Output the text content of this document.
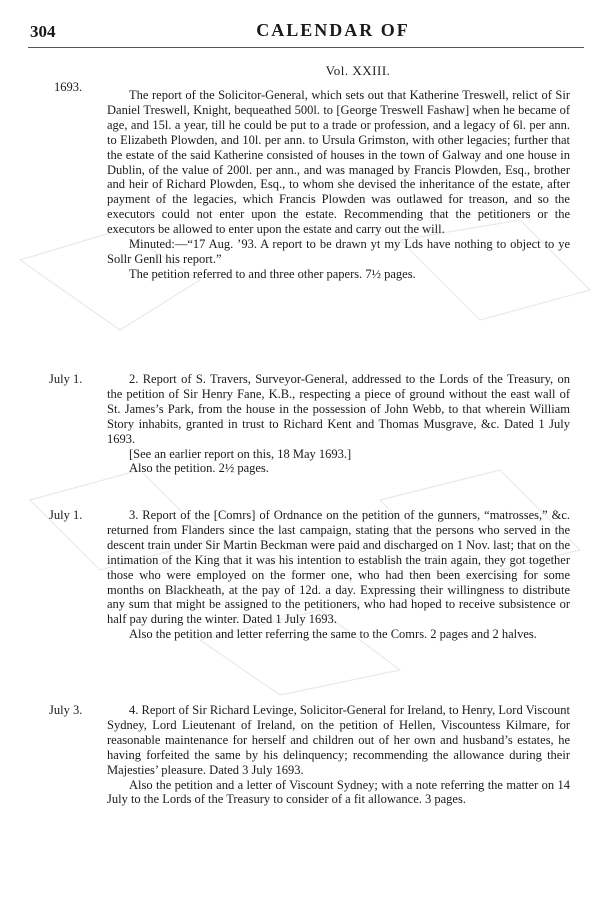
304	CALENDAR OF
Vol. XXIII.
1693.

The report of the Solicitor-General, which sets out that Katherine Treswell, relict of Sir Daniel Treswell, Knight, bequeathed 500l. to [George Treswell Fashaw] when he became of age, and 15l. a year, till he could be put to a trade or profession, and a legacy of 6l. per ann. to Elizabeth Plowden, and 10l. per ann. to Ursula Grimston, with other legacies; further that the estate of the said Katherine consisted of houses in the town of Galway and one house in Dublin, of the value of 200l. per ann., and was managed by Francis Plowden, Esq., brother and heir of Richard Plowden, Esq., to whom she devised the inheritance of the estate, after payment of the legacies, which Francis Plowden was outlawed for treason, and so the executors could not enter upon the estate. Recommending that the petitioners or the executors be allowed to enter upon the estate and carry out the will.

Minuted:—“17 Aug. ’93. A report to be drawn yt my Lds have nothing to object to ye Sollr Genll his report.”

The petition referred to and three other papers. 7½ pages.

July 1.	2. Report of S. Travers, Surveyor-General, addressed to the Lords of the Treasury, on the petition of Sir Henry Fane, K.B., respecting a piece of ground without the east wall of St. James’s Park, from the house in the possession of John Webb, to that wherein William Story inhabits, granted in trust to Richard Kent and Thomas Musgrave, &c. Dated 1 July 1693.

[See an earlier report on this, 18 May 1693.]

Also the petition. 2½ pages.

July 1.	3. Report of the [Comrs] of Ordnance on the petition of the gunners, “matrosses,” &c. returned from Flanders since the last campaign, stating that the persons who served in the descent train under Sir Martin Beckman were paid and discharged on 1 Nov. last; that on the intimation of the King that it was his intention to establish the train again, they got together those who were employed on the former one, who had then been exercising for some months on Blackheath, at the pay of 12d. a day. Expressing their willingness to distribute any sum that might be assigned to the petitioners, who had hoped to receive subsistence or half pay during the winter. Dated 1 July 1693.

Also the petition and letter referring the same to the Comrs. 2 pages and 2 halves.

July 3.	4. Report of Sir Richard Levinge, Solicitor-General for Ireland, to Henry, Lord Viscount Sydney, Lord Lieutenant of Ireland, on the petition of Hellen, Viscountess Kilmare, for reasonable maintenance for herself and children out of her own and husband’s estates, he having forfeited the same by his delinquency; recommending the allowance during their Majesties’ pleasure. Dated 3 July 1693.

Also the petition and a letter of Viscount Sydney; with a note referring the matter on 14 July to the Lords of the Treasury to consider of a fit allowance. 3 pages.
